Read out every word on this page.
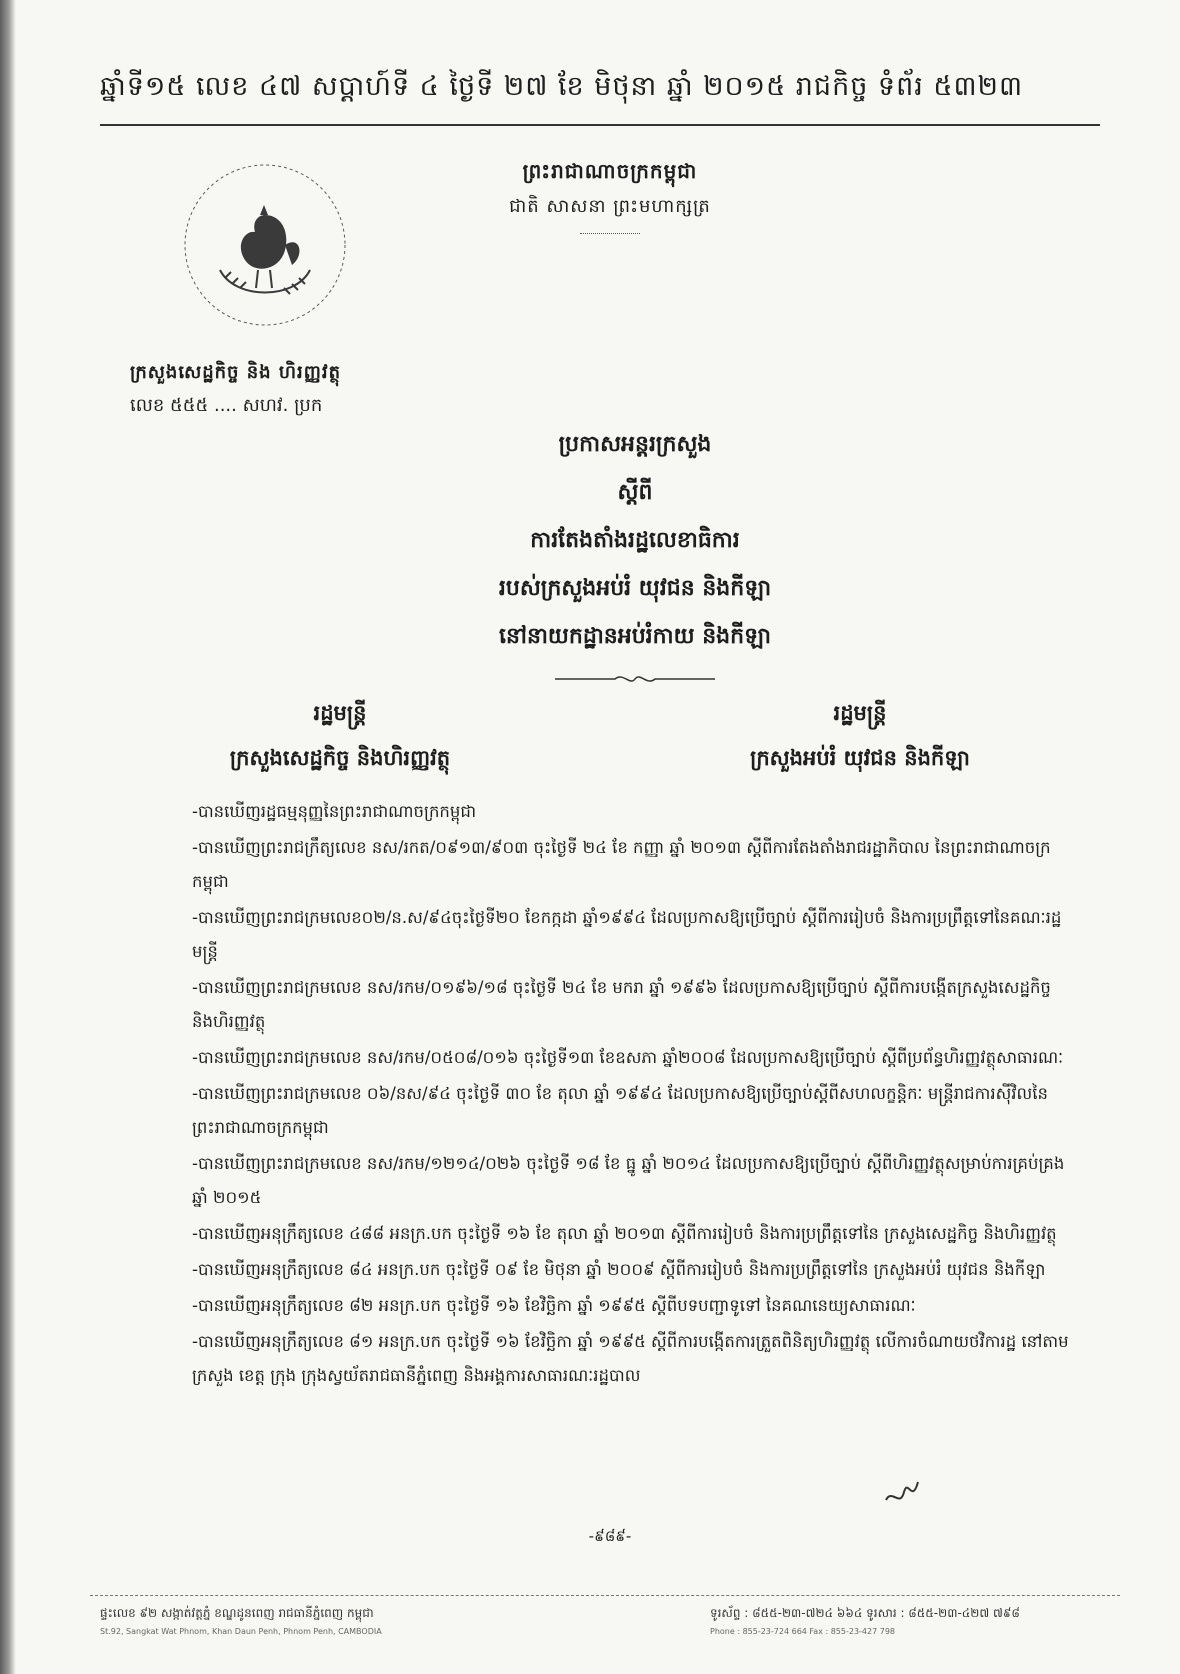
ឆ្នាំទី១៥ លេខ ៤៧ សប្តាហ៍ទី ៤ ថ្ងៃទី ២៧ ខែ មិថុនា ឆ្នាំ ២០១៥ រាជកិច្ច ទំព័រ ៥៣២៣
ព្រះរាជាណាចក្រកម្ពុជា
ជាតិ សាសនា ព្រះមហាក្សត្រ
ក្រសួងសេដ្ឋកិច្ច និង ហិរញ្ញវត្ថុ
លេខ ៥៥៥ .... សហវ. ប្រក
ប្រកាសអន្តរក្រសួង
ស្តីពី
ការតែងតាំងរដ្ឋលេខាធិការ
របស់ក្រសួងអប់រំ យុវជន និងកីឡា
នៅនាយកដ្ឋានអប់រំកាយ និងកីឡា
រដ្ឋមន្ត្រី
ក្រសួងសេដ្ឋកិច្ច និងហិរញ្ញវត្ថុ
រដ្ឋមន្ត្រី
ក្រសួងអប់រំ យុវជន និងកីឡា
-បានឃើញរដ្ឋធម្មនុញ្ញនៃព្រះរាជាណាចក្រកម្ពុជា
-បានឃើញព្រះរាជក្រឹត្យលេខ នស/រកត/០៩១៣/៩០៣ ចុះថ្ងៃទី ២៤ ខែ កញ្ញា ឆ្នាំ ២០១៣ ស្តីពីការតែងតាំងរាជរដ្ឋាភិបាល នៃព្រះរាជាណាចក្រកម្ពុជា
-បានឃើញព្រះរាជក្រមលេខ០២/ន.ស/៩៤ចុះថ្ងៃទី២០ ខែកក្កដា ឆ្នាំ១៩៩៤ ដែលប្រកាសឱ្យប្រើច្បាប់ ស្តីពីការរៀបចំ និងការប្រព្រឹត្តទៅនៃគណៈរដ្ឋមន្ត្រី
-បានឃើញព្រះរាជក្រមលេខ នស/រកម/០១៩៦/១៨ ចុះថ្ងៃទី ២៤ ខែ មករា ឆ្នាំ ១៩៩៦ ដែលប្រកាសឱ្យប្រើច្បាប់ ស្តីពីការបង្កើតក្រសួងសេដ្ឋកិច្ច និងហិរញ្ញវត្ថុ
-បានឃើញព្រះរាជក្រមលេខ នស/រកម/០៥០៨/០១៦ ចុះថ្ងៃទី១៣ ខែឧសភា ឆ្នាំ២០០៨ ដែលប្រកាសឱ្យប្រើច្បាប់ ស្តីពីប្រព័ន្ធហិរញ្ញវត្ថុសាធារណៈ
-បានឃើញព្រះរាជក្រមលេខ ០៦/នស/៩៤ ចុះថ្ងៃទី ៣០ ខែ តុលា ឆ្នាំ ១៩៩៤ ដែលប្រកាសឱ្យប្រើច្បាប់ស្តីពីសហលក្ខន្តិកៈ មន្ត្រីរាជការស៊ីវិលនៃព្រះរាជាណាចក្រកម្ពុជា
-បានឃើញព្រះរាជក្រមលេខ នស/រកម/១២១៤/០២៦ ចុះថ្ងៃទី ១៨ ខែ ធ្នូ ឆ្នាំ ២០១៤ ដែលប្រកាសឱ្យប្រើច្បាប់ ស្តីពីហិរញ្ញវត្ថុសម្រាប់ការគ្រប់គ្រងឆ្នាំ ២០១៥
-បានឃើញអនុក្រឹត្យលេខ ៤៨៨ អនក្រ.បក ចុះថ្ងៃទី ១៦ ខែ តុលា ឆ្នាំ ២០១៣ ស្តីពីការរៀបចំ និងការប្រព្រឹត្តទៅនៃ ក្រសួងសេដ្ឋកិច្ច និងហិរញ្ញវត្ថុ
-បានឃើញអនុក្រឹត្យលេខ ៨៤ អនក្រ.បក ចុះថ្ងៃទី ០៩ ខែ មិថុនា ឆ្នាំ ២០០៩ ស្តីពីការរៀបចំ និងការប្រព្រឹត្តទៅនៃ ក្រសួងអប់រំ យុវជន និងកីឡា
-បានឃើញអនុក្រឹត្យលេខ ៨២ អនក្រ.បក ចុះថ្ងៃទី ១៦ ខែវិច្ឆិកា ឆ្នាំ ១៩៩៥ ស្តីពីបទបញ្ជាទូទៅ នៃគណនេយ្យសាធារណៈ
-បានឃើញអនុក្រឹត្យលេខ ៨១ អនក្រ.បក ចុះថ្ងៃទី ១៦ ខែវិច្ឆិកា ឆ្នាំ ១៩៩៥ ស្តីពីការបង្កើតការត្រួតពិនិត្យហិរញ្ញវត្ថុ លើការចំណាយថវិការដ្ឋ នៅតាមក្រសួង ខេត្ត ក្រុង ក្រុងស្វយ័តរាជធានីភ្នំពេញ និងអង្គការសាធារណៈរដ្ឋបាល
-៩៨៩-
ផ្ទះលេខ ៩២ សង្កាត់វត្តភ្នំ ខណ្ឌដូនពេញ រាជធានីភ្នំពេញ កម្ពុជា
St.92, Sangkat Wat Phnom, Khan Daun Penh, Phnom Penh, CAMBODIA
ទូរស័ព្ទ : ៨៥៥-២៣-៧២៤ ៦៦៤ ទូរសារ : ៨៥៥-២៣-៤២៧ ៧៩៨
Phone : 855-23-724 664 Fax : 855-23-427 798
